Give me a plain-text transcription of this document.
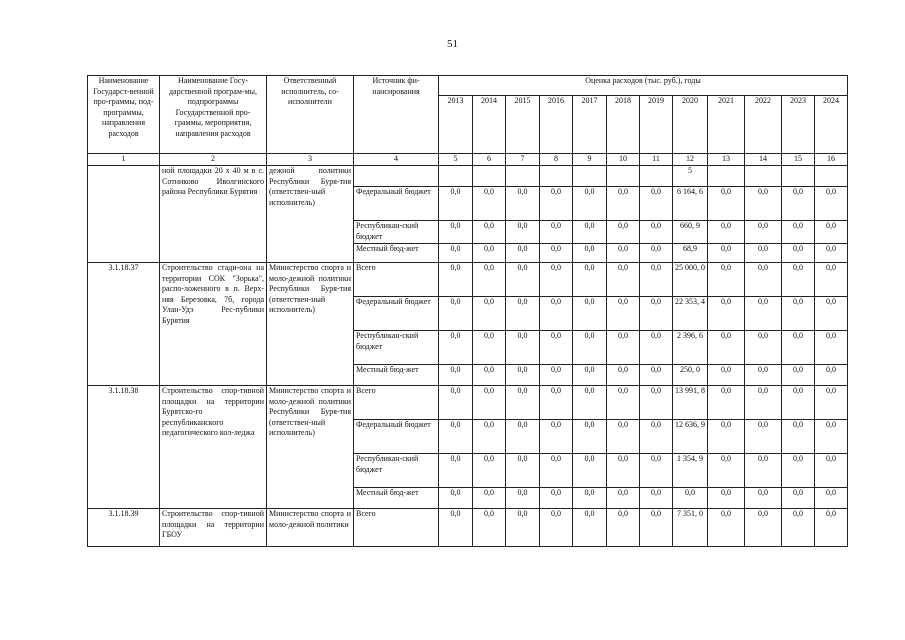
51
Наименование Государст-венной про-граммы, под-программы, направления расходов	Наименование Госу-дарственной програм-мы, подпрограммы Государственной про-граммы, мероприятия, направления расходов	Ответственный исполнитель, со-исполнители	Источник фи-нансирования	Оценка расходов (тыс. руб.), годы											
				2013	2014	2015	2016	2017	2018	2019	2020	2021	2022	2023	2024
1	2	3	4	5	6	7	8	9	10	11	12	13	14	15	16
	ной площадки 20 х 40 м в с. Сотниково Иволгинского района Республики Бурятия	дежной политики Республики Буря-тия (ответствен-ный исполнитель)									5				
			Федеральный бюджет	0,0	0,0	0,0	0,0	0,0	0,0	0,0	6 164, 6	0,0	0,0	0,0	0,0
			Республикан-ский бюджет	0,0	0,0	0,0	0,0	0,0	0,0	0,0	660, 9	0,0	0,0	0,0	0,0
			Местный бюд-жет	0,0	0,0	0,0	0,0	0,0	0,0	0,0	68,9	0,0	0,0	0,0	0,0
3.1.18.37	Строительство стади-она на территории СОК "Зорька", распо-ложенного в п. Верх-няя Березовка, 7б, города Улан-Удэ Рес-публики Бурятия	Министерство спорта и моло-дежной политики Республики Буря-тия (ответствен-ный исполнитель)	Всего	0,0	0,0	0,0	0,0	0,0	0,0	0,0	25 000, 0	0,0	0,0	0,0	0,0
			Федеральный бюджет	0,0	0,0	0,0	0,0	0,0	0,0	0,0	22 353, 4	0,0	0,0	0,0	0,0
			Республикан-ский бюджет	0,0	0,0	0,0	0,0	0,0	0,0	0,0	2 396, 6	0,0	0,0	0,0	0,0
			Местный бюд-жет	0,0	0,0	0,0	0,0	0,0	0,0	0,0	250, 0	0,0	0,0	0,0	0,0
3.1.18.38	Строительство спор-тивной площадки на территории Бурятско-го республиканского педагогического кол-леджа	Министерство спорта и моло-дежной политики Республики Буря-тия (ответствен-ный исполнитель)	Всего	0,0	0,0	0,0	0,0	0,0	0,0	0,0	13 991, 8	0,0	0,0	0,0	0,0
			Федеральный бюджет	0,0	0,0	0,0	0,0	0,0	0,0	0,0	12 636, 9	0,0	0,0	0,0	0,0
			Республикан-ский бюджет	0,0	0,0	0,0	0,0	0,0	0,0	0,0	1 354, 9	0,0	0,0	0,0	0,0
			Местный бюд-жет	0,0	0,0	0,0	0,0	0,0	0,0	0,0	0,0	0,0	0,0	0,0	0,0
3.1.18.39	Строительство спор-тивной площадки на территории ГБОУ	Министерство спорта и моло-дежной политики	Всего	0,0	0,0	0,0	0,0	0,0	0,0	0,0	7 351, 0	0,0	0,0	0,0	0,0
